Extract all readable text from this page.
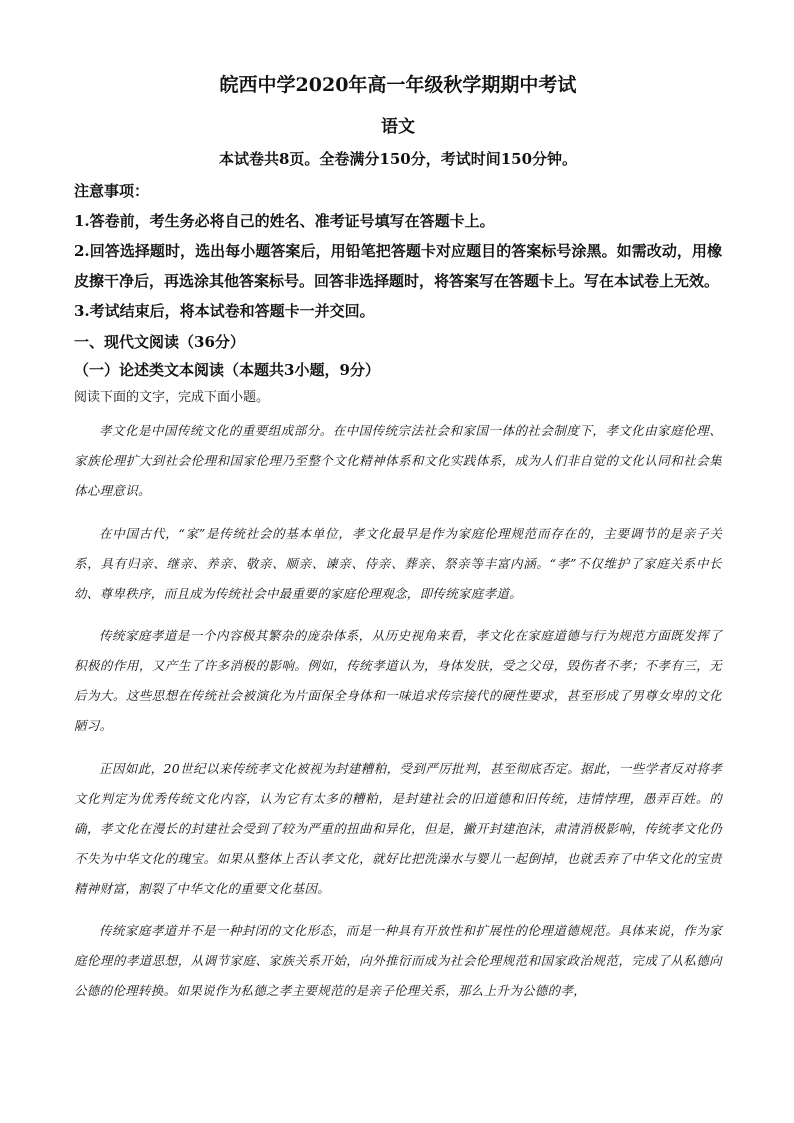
皖西中学2020年高一年级秋学期期中考试
语文
本试卷共8页。全卷满分150分，考试时间150分钟。
注意事项：
1.答卷前，考生务必将自己的姓名、准考证号填写在答题卡上。
2.回答选择题时，选出每小题答案后，用铅笔把答题卡对应题目的答案标号涂黑。如需改动，用橡皮擦干净后，再选涂其他答案标号。回答非选择题时，将答案写在答题卡上。写在本试卷上无效。
3.考试结束后，将本试卷和答题卡一并交回。
一、现代文阅读（36分）
（一）论述类文本阅读（本题共3小题，9分）
阅读下面的文字，完成下面小题。

孝文化是中国传统文化的重要组成部分。在中国传统宗法社会和家国一体的社会制度下，孝文化由家庭伦理、家族伦理扩大到社会伦理和国家伦理乃至整个文化精神体系和文化实践体系，成为人们非自觉的文化认同和社会集体心理意识。

在中国古代，“家”是传统社会的基本单位，孝文化最早是作为家庭伦理规范而存在的，主要调节的是亲子关系，具有归亲、继亲、养亲、敬亲、顺亲、谏亲、侍亲、葬亲、祭亲等丰富内涵。“孝”不仅维护了家庭关系中长幼、尊卑秩序，而且成为传统社会中最重要的家庭伦理观念，即传统家庭孝道。

传统家庭孝道是一个内容极其繁杂的庞杂体系，从历史视角来看，孝文化在家庭道德与行为规范方面既发挥了积极的作用，又产生了许多消极的影响。例如，传统孝道认为，身体发肤，受之父母，毁伤者不孝；不孝有三，无后为大。这些思想在传统社会被演化为片面保全身体和一味追求传宗接代的硬性要求，甚至形成了男尊女卑的文化陋习。

正因如此，20世纪以来传统孝文化被视为封建糟粕，受到严厉批判，甚至彻底否定。据此，一些学者反对将孝文化判定为优秀传统文化内容，认为它有太多的糟粕，是封建社会的旧道德和旧传统，违情悖理，愚弄百姓。的确，孝文化在漫长的封建社会受到了较为严重的扭曲和异化，但是，撇开封建泡沫，肃清消极影响，传统孝文化仍不失为中华文化的瑰宝。如果从整体上否认孝文化，就好比把洗澡水与婴儿一起倒掉，也就丢弃了中华文化的宝贵精神财富，割裂了中华文化的重要文化基因。

传统家庭孝道并不是一种封闭的文化形态，而是一种具有开放性和扩展性的伦理道德规范。具体来说，作为家庭伦理的孝道思想，从调节家庭、家族关系开始，向外推衍而成为社会伦理规范和国家政治规范，完成了从私德向公德的伦理转换。如果说作为私德之孝主要规范的是亲子伦理关系，那么上升为公德的孝，
